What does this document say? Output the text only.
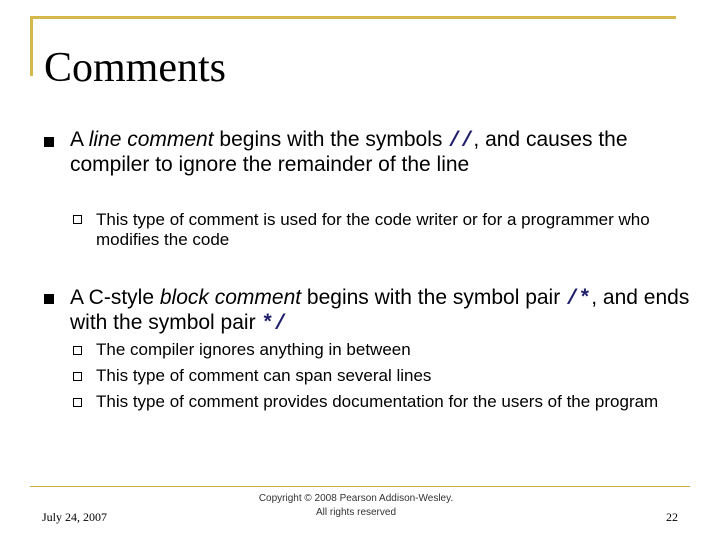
Comments
A line comment begins with the symbols //, and causes the compiler to ignore the remainder of the line
This type of comment is used for the code writer or for a programmer who modifies the code
A C-style block comment begins with the symbol pair /*, and ends with the symbol pair */
The compiler ignores anything in between
This type of comment can span several lines
This type of comment provides documentation for the users of the program
July 24, 2007
Copyright © 2008 Pearson Addison-Wesley.
All rights reserved	22
